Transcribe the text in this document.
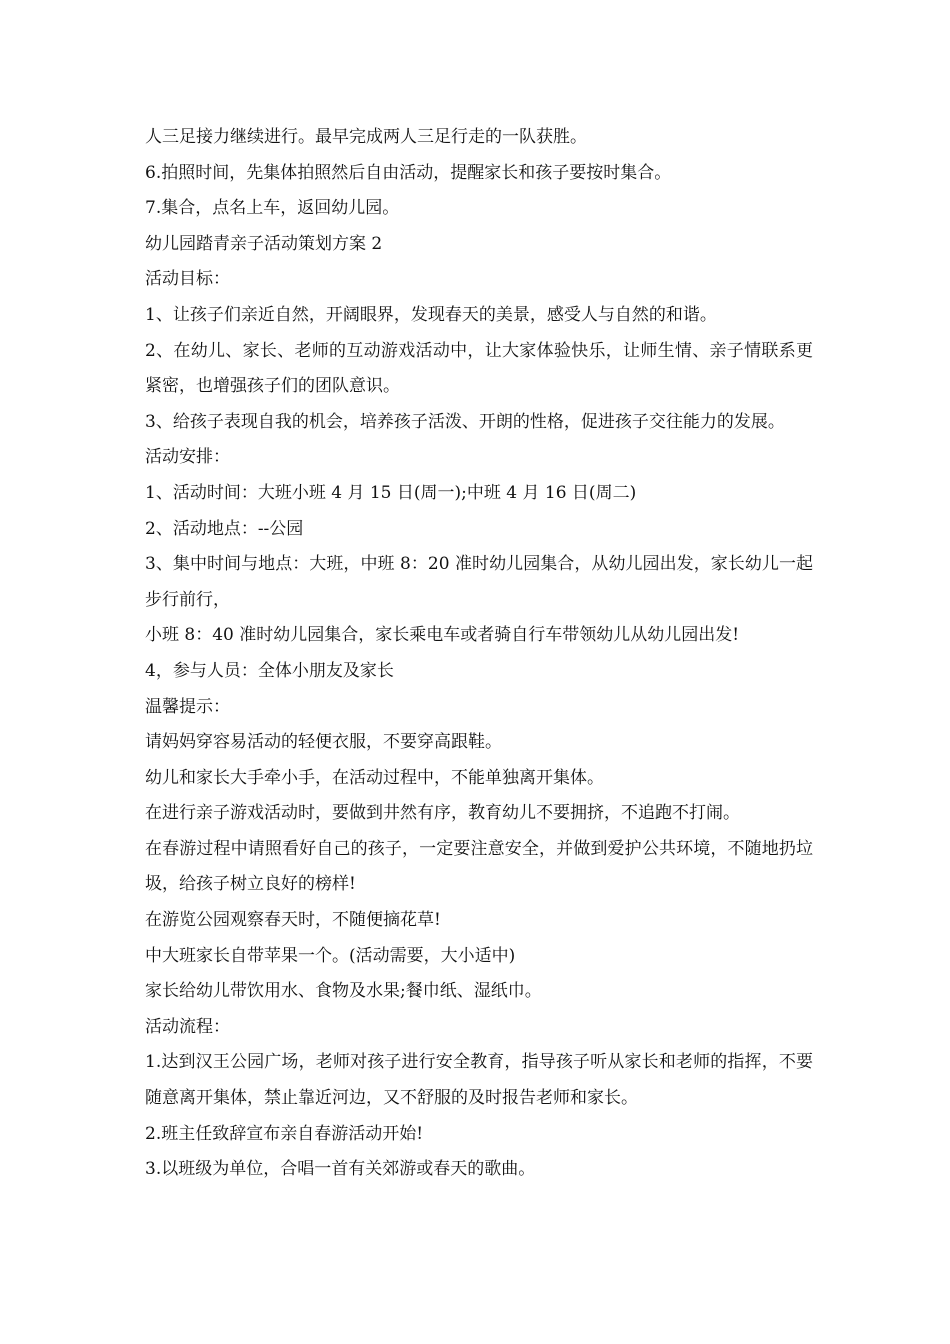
人三足接力继续进行。最早完成两人三足行走的一队获胜。

6.拍照时间，先集体拍照然后自由活动，提醒家长和孩子要按时集合。

7.集合，点名上车，返回幼儿园。

幼儿园踏青亲子活动策划方案 2

活动目标：

1、让孩子们亲近自然，开阔眼界，发现春天的美景，感受人与自然的和谐。

2、在幼儿、家长、老师的互动游戏活动中，让大家体验快乐，让师生情、亲子情联系更紧密，也增强孩子们的团队意识。

3、给孩子表现自我的机会，培养孩子活泼、开朗的性格，促进孩子交往能力的发展。

活动安排：

1、活动时间：大班小班 4 月 15 日(周一);中班 4 月 16 日(周二)

2、活动地点：--公园

3、集中时间与地点：大班，中班 8：20 准时幼儿园集合，从幼儿园出发，家长幼儿一起步行前行，

小班 8：40 准时幼儿园集合，家长乘电车或者骑自行车带领幼儿从幼儿园出发!

4，参与人员：全体小朋友及家长

温馨提示：

请妈妈穿容易活动的轻便衣服，不要穿高跟鞋。

幼儿和家长大手牵小手，在活动过程中，不能单独离开集体。

在进行亲子游戏活动时，要做到井然有序，教育幼儿不要拥挤，不追跑不打闹。

在春游过程中请照看好自己的孩子，一定要注意安全，并做到爱护公共环境，不随地扔垃圾，给孩子树立良好的榜样!

在游览公园观察春天时，不随便摘花草!

中大班家长自带苹果一个。(活动需要，大小适中)

家长给幼儿带饮用水、食物及水果;餐巾纸、湿纸巾。

活动流程：

1.达到汉王公园广场，老师对孩子进行安全教育，指导孩子听从家长和老师的指挥，不要随意离开集体，禁止靠近河边，又不舒服的及时报告老师和家长。

2.班主任致辞宣布亲自春游活动开始!

3.以班级为单位，合唱一首有关郊游或春天的歌曲。
